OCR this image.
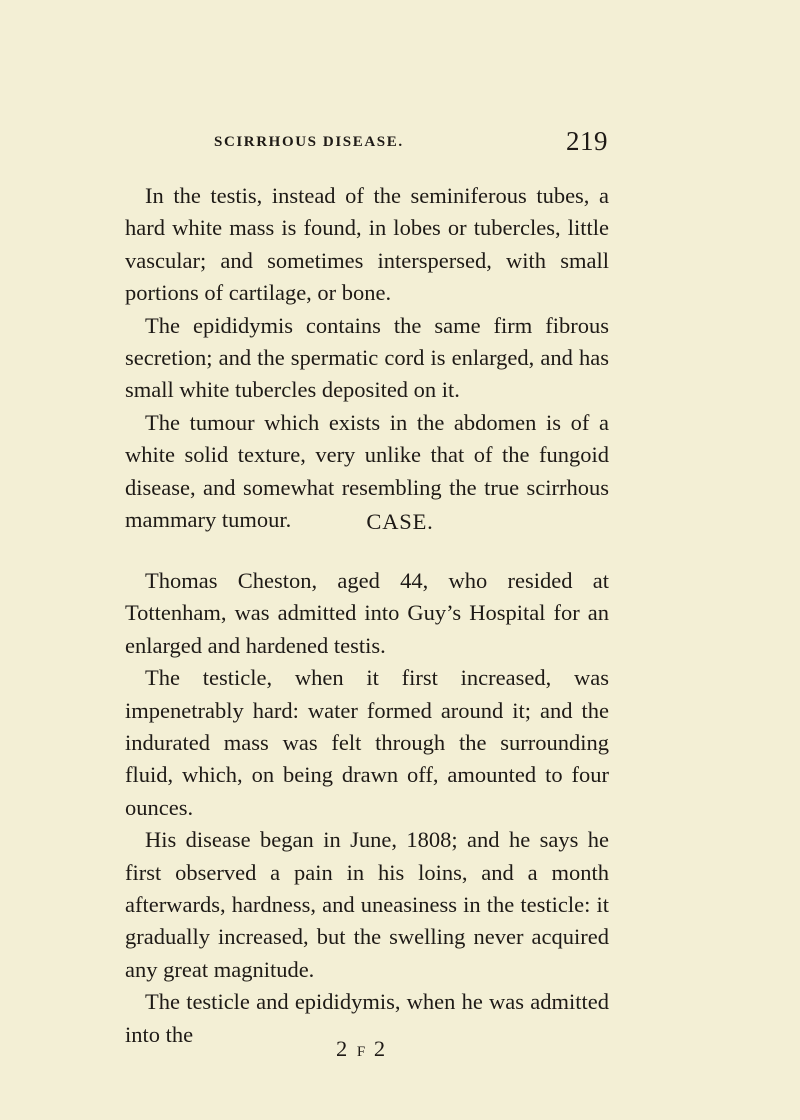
SCIRRHOUS DISEASE.	219

In the testis, instead of the seminiferous tubes, a hard white mass is found, in lobes or tubercles, little vascular; and sometimes interspersed, with small portions of cartilage, or bone.

The epididymis contains the same firm fibrous secretion; and the spermatic cord is enlarged, and has small white tubercles deposited on it.

The tumour which exists in the abdomen is of a white solid texture, very unlike that of the fungoid disease, and somewhat resembling the true scirrhous mammary tumour.	CASE.

Thomas Cheston, aged 44, who resided at Tottenham, was admitted into Guy’s Hospital for an enlarged and hardened testis.

The testicle, when it first increased, was impenetrably hard: water formed around it; and the indurated mass was felt through the surrounding fluid, which, on being drawn off, amounted to four ounces.

His disease began in June, 1808; and he says he first observed a pain in his loins, and a month afterwards, hardness, and uneasiness in the testicle: it gradually increased, but the swelling never acquired any great magnitude.

The testicle and epididymis, when he was admitted into the

2 F 2
